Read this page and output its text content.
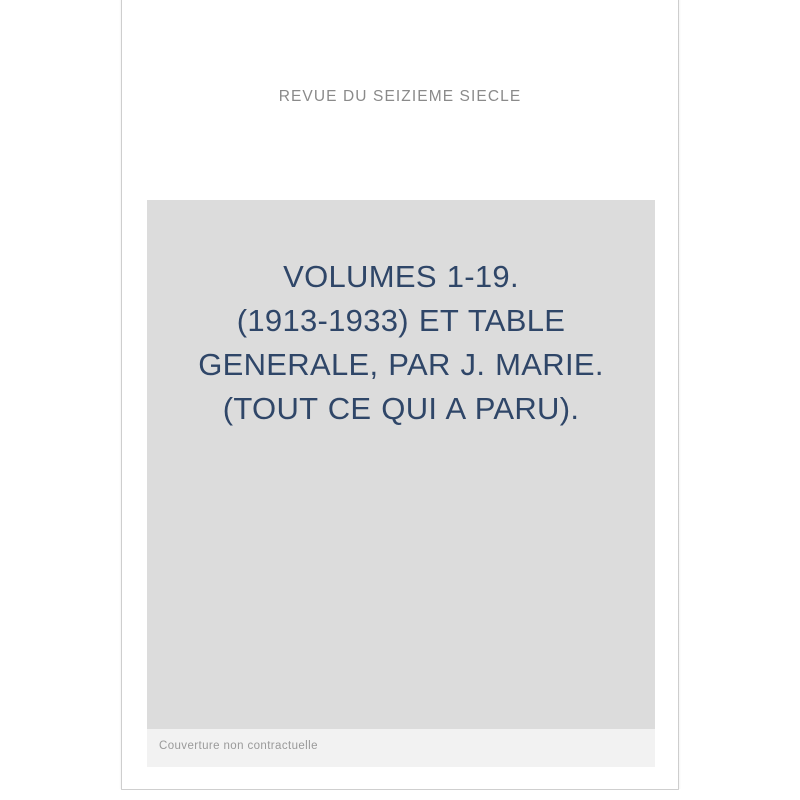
REVUE DU SEIZIEME SIECLE
VOLUMES 1-19.
(1913-1933) ET TABLE
GENERALE, PAR J. MARIE.
(TOUT CE QUI A PARU).
Couverture non contractuelle
